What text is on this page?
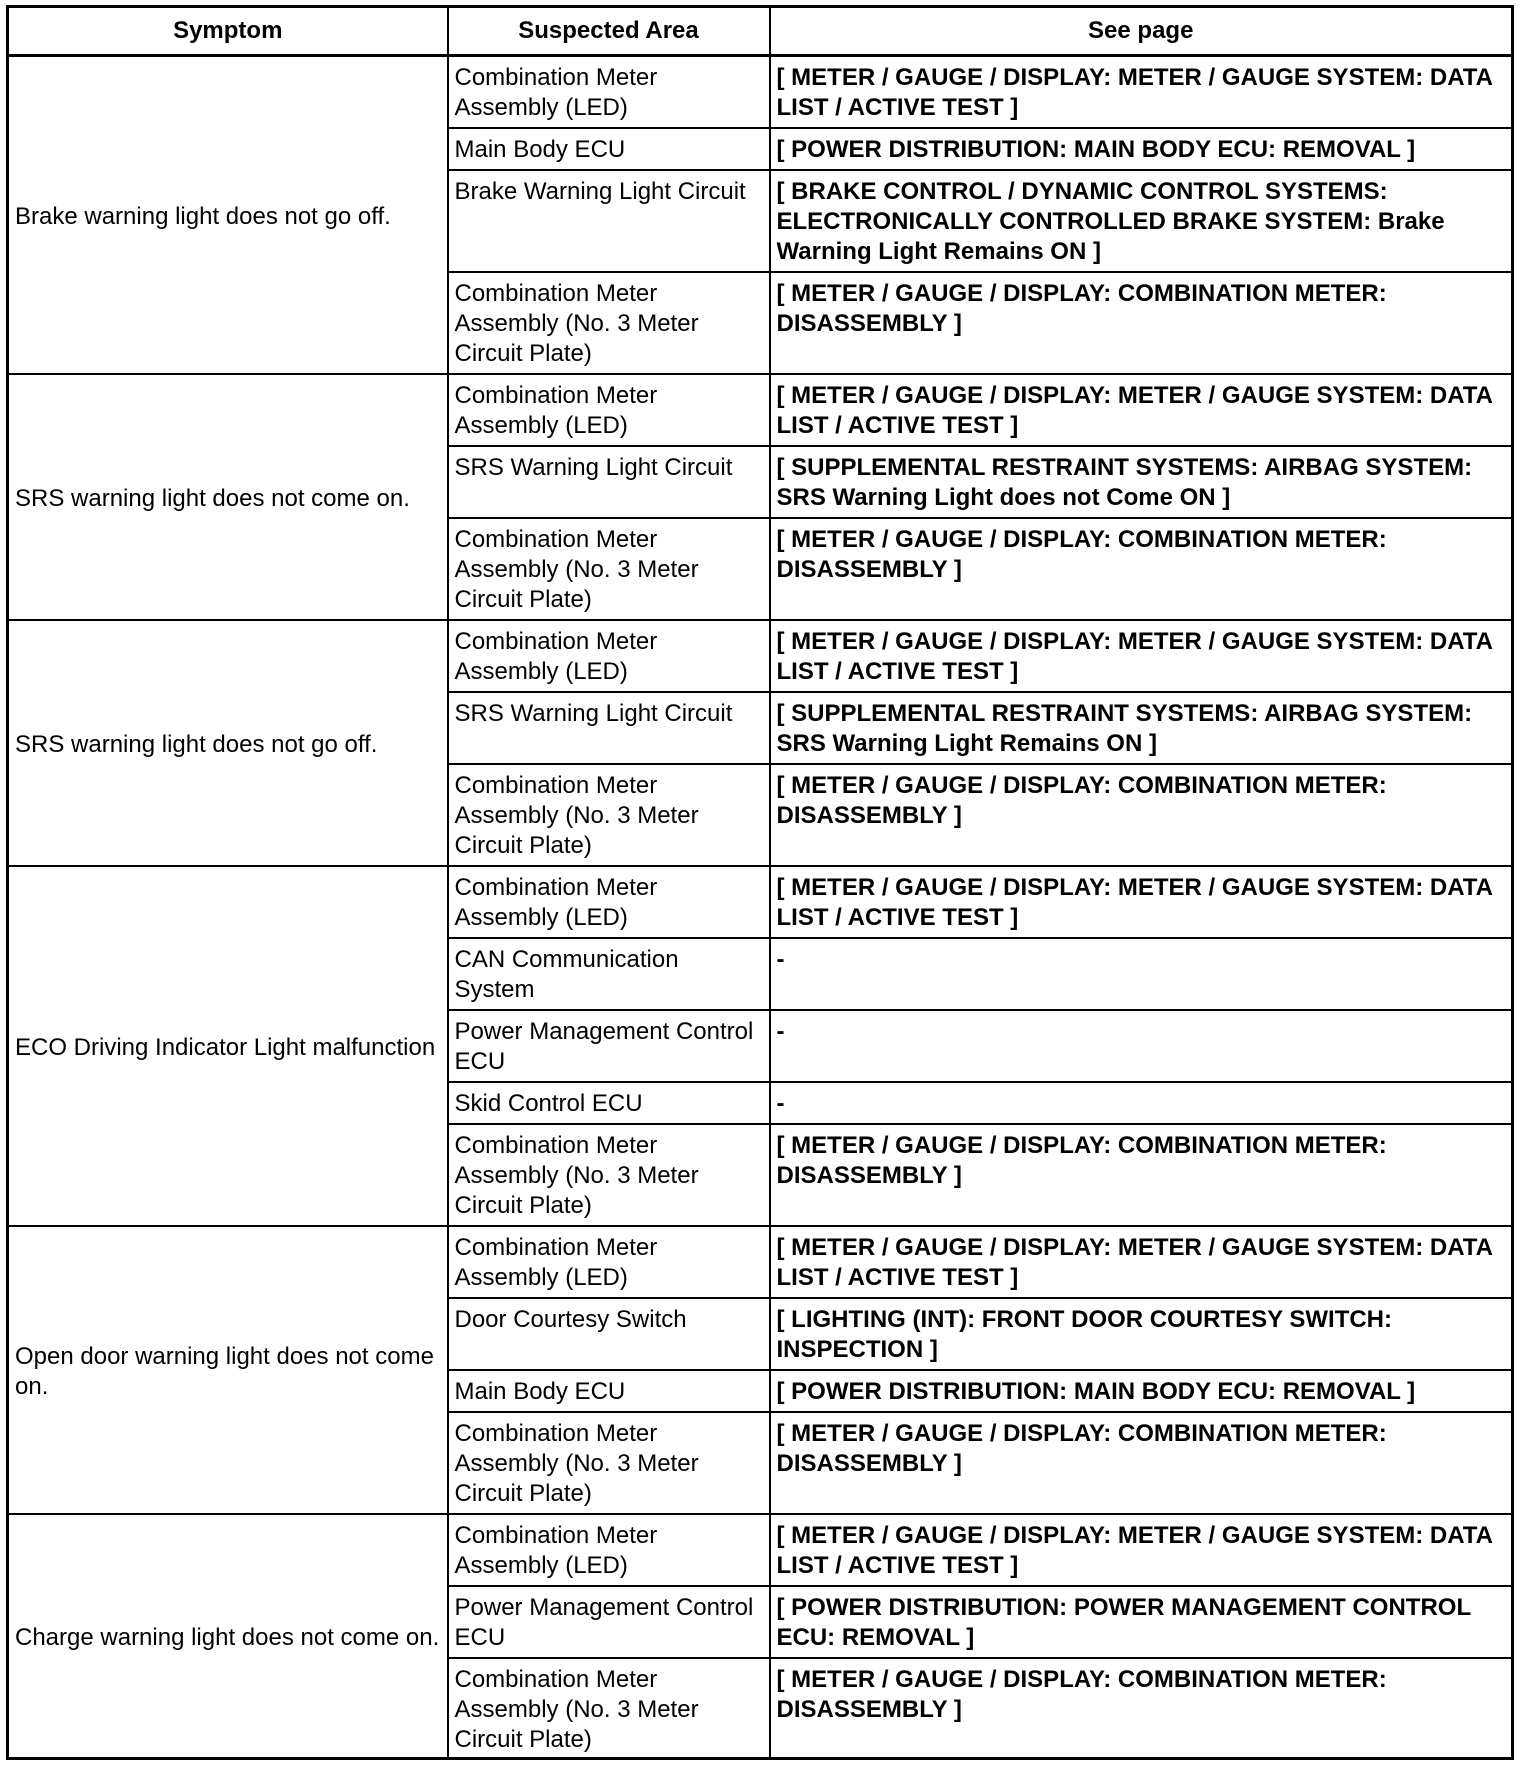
Symptom	Suspected Area	See page
Brake warning light does not go off.	Combination Meter Assembly (LED)	[ METER / GAUGE / DISPLAY: METER / GAUGE SYSTEM: DATA LIST / ACTIVE TEST ]
	Main Body ECU	[ POWER DISTRIBUTION: MAIN BODY ECU: REMOVAL ]
	Brake Warning Light Circuit	[ BRAKE CONTROL / DYNAMIC CONTROL SYSTEMS: ELECTRONICALLY CONTROLLED BRAKE SYSTEM: Brake Warning Light Remains ON ]
	Combination Meter Assembly (No. 3 Meter Circuit Plate)	[ METER / GAUGE / DISPLAY: COMBINATION METER: DISASSEMBLY ]
SRS warning light does not come on.	Combination Meter Assembly (LED)	[ METER / GAUGE / DISPLAY: METER / GAUGE SYSTEM: DATA LIST / ACTIVE TEST ]
	SRS Warning Light Circuit	[ SUPPLEMENTAL RESTRAINT SYSTEMS: AIRBAG SYSTEM: SRS Warning Light does not Come ON ]
	Combination Meter Assembly (No. 3 Meter Circuit Plate)	[ METER / GAUGE / DISPLAY: COMBINATION METER: DISASSEMBLY ]
SRS warning light does not go off.	Combination Meter Assembly (LED)	[ METER / GAUGE / DISPLAY: METER / GAUGE SYSTEM: DATA LIST / ACTIVE TEST ]
	SRS Warning Light Circuit	[ SUPPLEMENTAL RESTRAINT SYSTEMS: AIRBAG SYSTEM: SRS Warning Light Remains ON ]
	Combination Meter Assembly (No. 3 Meter Circuit Plate)	[ METER / GAUGE / DISPLAY: COMBINATION METER: DISASSEMBLY ]
ECO Driving Indicator Light malfunction	Combination Meter Assembly (LED)	[ METER / GAUGE / DISPLAY: METER / GAUGE SYSTEM: DATA LIST / ACTIVE TEST ]
	CAN Communication System	-
	Power Management Control ECU	-
	Skid Control ECU	-
	Combination Meter Assembly (No. 3 Meter Circuit Plate)	[ METER / GAUGE / DISPLAY: COMBINATION METER: DISASSEMBLY ]
Open door warning light does not come on.	Combination Meter Assembly (LED)	[ METER / GAUGE / DISPLAY: METER / GAUGE SYSTEM: DATA LIST / ACTIVE TEST ]
	Door Courtesy Switch	[ LIGHTING (INT): FRONT DOOR COURTESY SWITCH: INSPECTION ]
	Main Body ECU	[ POWER DISTRIBUTION: MAIN BODY ECU: REMOVAL ]
	Combination Meter Assembly (No. 3 Meter Circuit Plate)	[ METER / GAUGE / DISPLAY: COMBINATION METER: DISASSEMBLY ]
Charge warning light does not come on.	Combination Meter Assembly (LED)	[ METER / GAUGE / DISPLAY: METER / GAUGE SYSTEM: DATA LIST / ACTIVE TEST ]
	Power Management Control ECU	[ POWER DISTRIBUTION: POWER MANAGEMENT CONTROL ECU: REMOVAL ]
	Combination Meter Assembly (No. 3 Meter Circuit Plate)	[ METER / GAUGE / DISPLAY: COMBINATION METER: DISASSEMBLY ]
